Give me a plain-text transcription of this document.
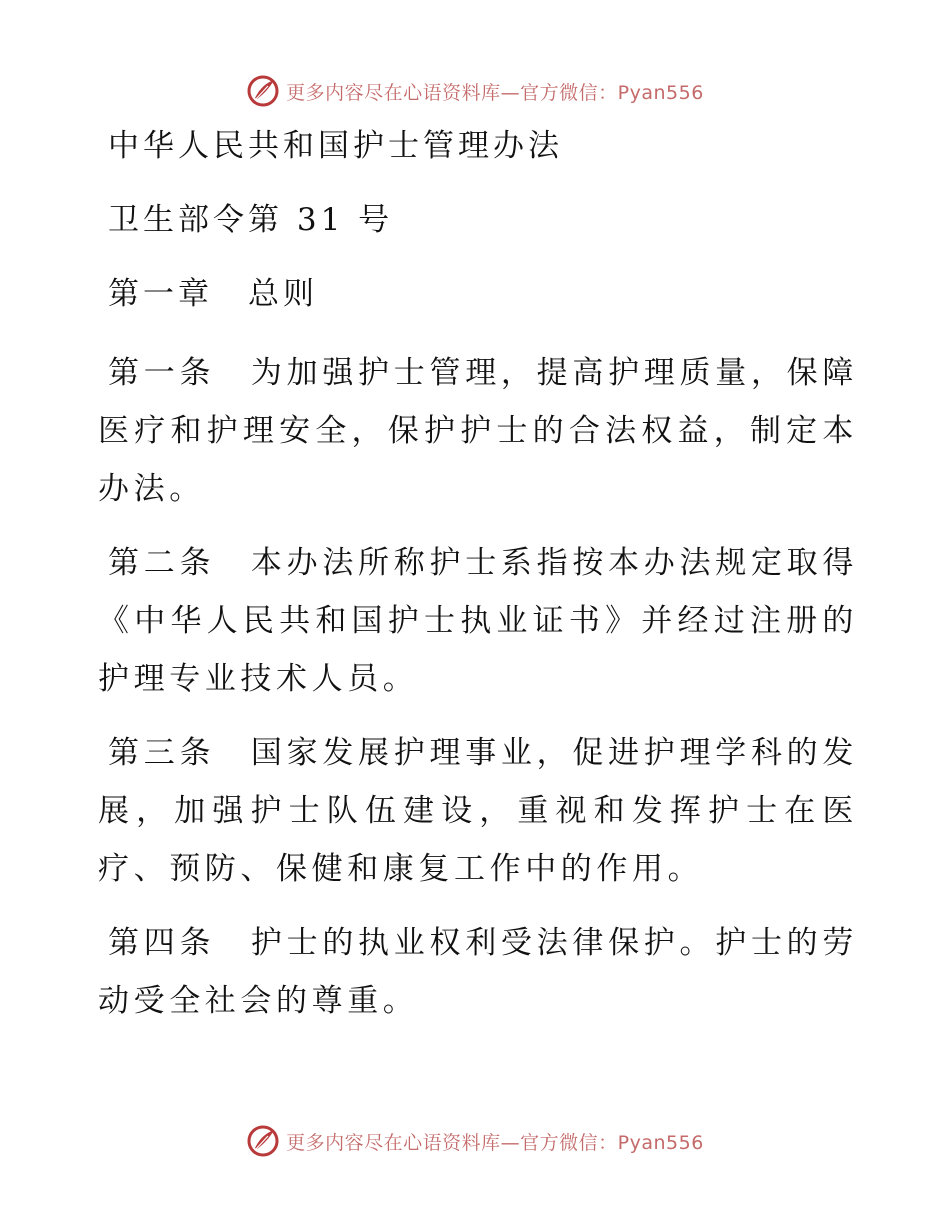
更多内容尽在心语资料库—官方微信：Pyan556
中华人民共和国护士管理办法
卫生部令第 31 号
第一章　总则

第一条　为加强护士管理，提高护理质量，保障医疗和护理安全，保护护士的合法权益，制定本办法。

第二条　本办法所称护士系指按本办法规定取得《中华人民共和国护士执业证书》并经过注册的护理专业技术人员。

第三条　国家发展护理事业，促进护理学科的发展，加强护士队伍建设，重视和发挥护士在医疗、预防、保健和康复工作中的作用。

第四条　护士的执业权利受法律保护。护士的劳动受全社会的尊重。

更多内容尽在心语资料库—官方微信：Pyan556
